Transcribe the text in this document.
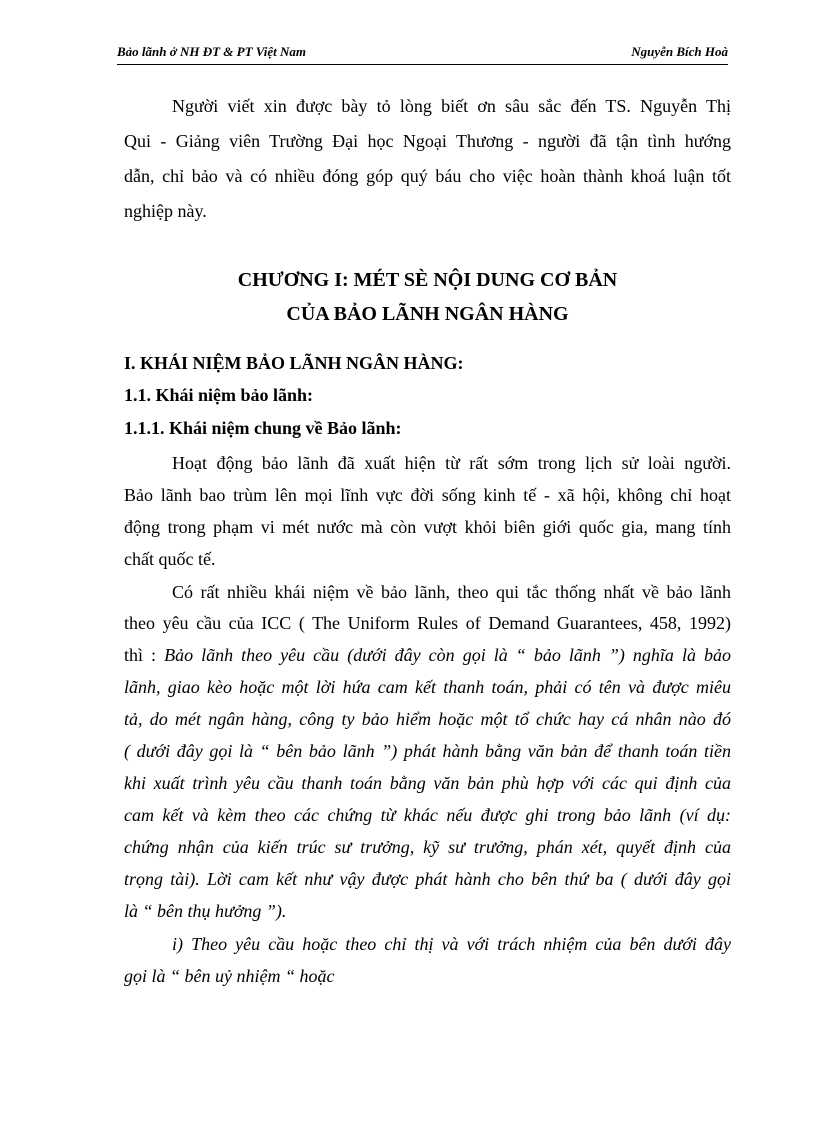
Bảo lãnh ở NH ĐT & PT Việt Nam	Nguyễn Bích Hoà
Người viết xin được bày tỏ lòng biết ơn sâu sắc đến TS. Nguyễn Thị
Qui - Giảng viên Trường Đại học Ngoại Thương - người đã tận tình hướng
dẫn, chỉ bảo và có nhiều đóng góp quý báu cho việc hoàn thành khoá luận tốt
nghiệp này.
CHƯƠNG I: MÉT SÈ NỘI DUNG CƠ BẢN
CỦA BẢO LÃNH NGÂN HÀNG
I. KHÁI NIỆM BẢO LÃNH NGÂN HÀNG:
1.1. Khái niệm bảo lãnh:
1.1.1. Khái niệm chung về Bảo lãnh:
Hoạt động bảo lãnh đã xuất hiện từ rất sớm trong lịch sử loài người.
Bảo lãnh bao trùm lên mọi lĩnh vực đời sống kinh tế - xã hội, không chỉ hoạt
động trong phạm vi mét nước mà còn vượt khỏi biên giới quốc gia, mang tính
chất quốc tế.
Có rất nhiều khái niệm về bảo lãnh, theo qui tắc thống nhất về bảo lãnh
theo yêu cầu của ICC ( The Uniform Rules of Demand Guarantees, 458, 1992)
thì : Bảo lãnh theo yêu cầu (dưới đây còn gọi là “ bảo lãnh ”) nghĩa là bảo
lãnh, giao kèo hoặc một lời hứa cam kết thanh toán, phải có tên và được miêu
tả, do mét ngân hàng, công ty bảo hiểm hoặc một tổ chức hay cá nhân nào đó
( dưới đây gọi là “ bên bảo lãnh ”) phát hành bằng văn bản để thanh toán tiền
khi xuất trình yêu cầu thanh toán bằng văn bản phù hợp với các qui định của
cam kết và kèm theo các chứng từ khác nếu được ghi trong bảo lãnh (ví dụ:
chứng nhận của kiến trúc sư trưởng, kỹ sư trưởng, phán xét, quyết định của
trọng tài). Lời cam kết như vậy được phát hành cho bên thứ ba ( dưới đây gọi
là “ bên thụ hưởng ”).
i) Theo yêu cầu hoặc theo chỉ thị và với trách nhiệm của bên dưới đây
gọi là “ bên uỷ nhiệm “ hoặc
